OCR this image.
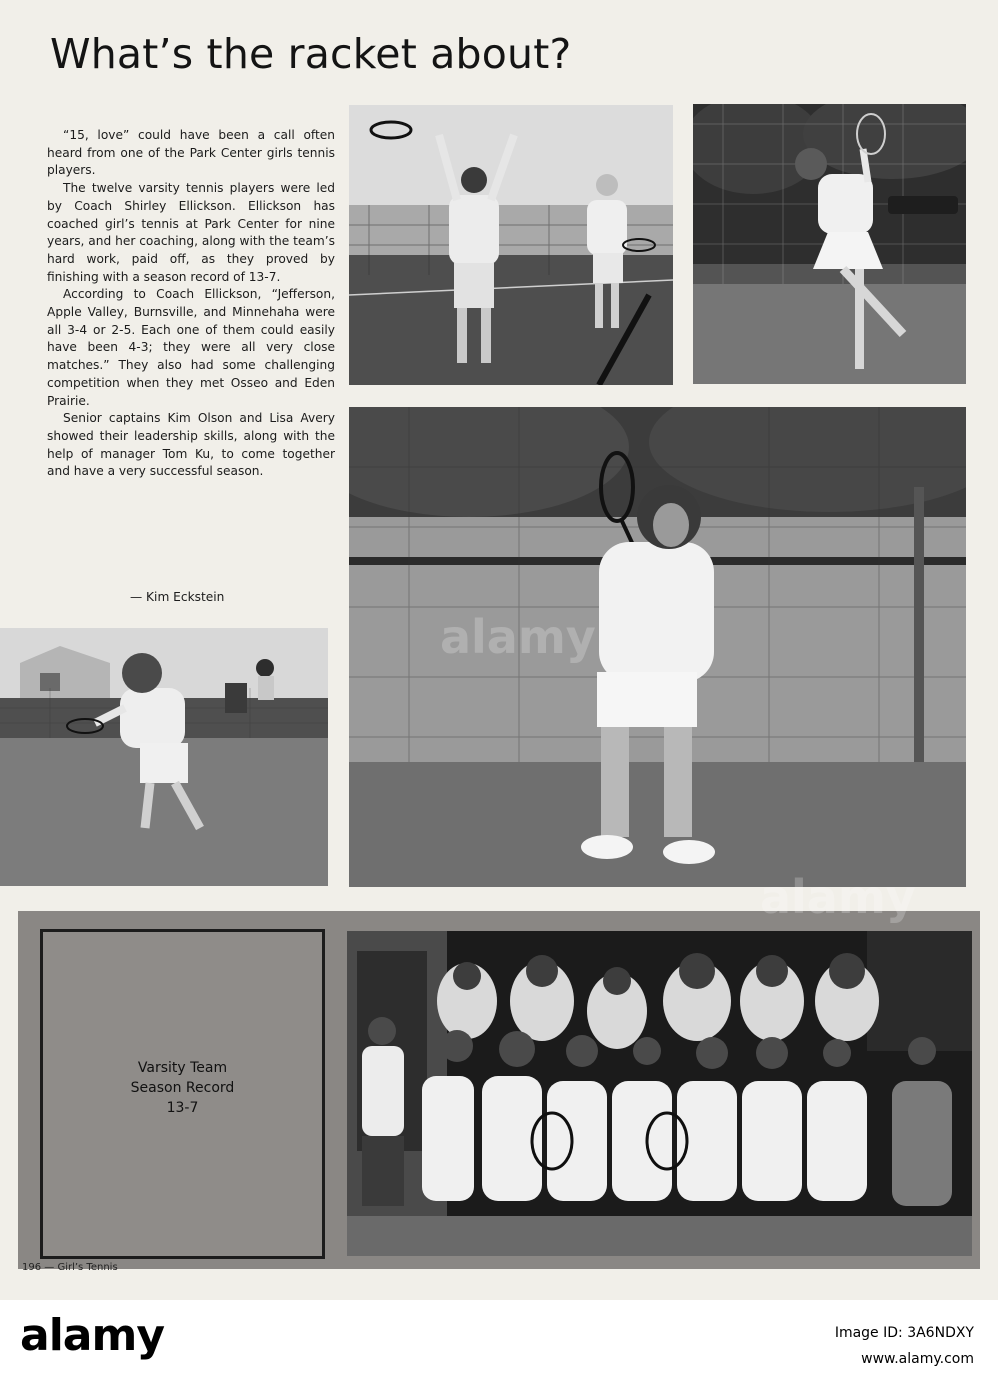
What’s the racket about?

“15, love” could have been a call often heard from one of the Park Center girls tennis players.

The twelve varsity tennis players were led by Coach Shirley Ellickson. Ellickson has coached girl’s tennis at Park Center for nine years, and her coaching, along with the team’s hard work, paid off, as they proved by finishing with a season record of 13-7.

According to Coach Ellickson, “Jefferson, Apple Valley, Burnsville, and Minnehaha were all 3-4 or 2-5. Each one of them could easily have been 4-3; they were all very close matches.” They also had some challenging competition when they met Osseo and Eden Prairie.

Senior captains Kim Olson and Lisa Avery showed their leadership skills, along with the help of manager Tom Ku, to come together and have a very successful season.

— Kim Eckstein
Varsity Team
Season Record
13-7
196 — Girl’s Tennis
alamy
alamy
alamy	Image ID: 3A6NDXY
www.alamy.com
